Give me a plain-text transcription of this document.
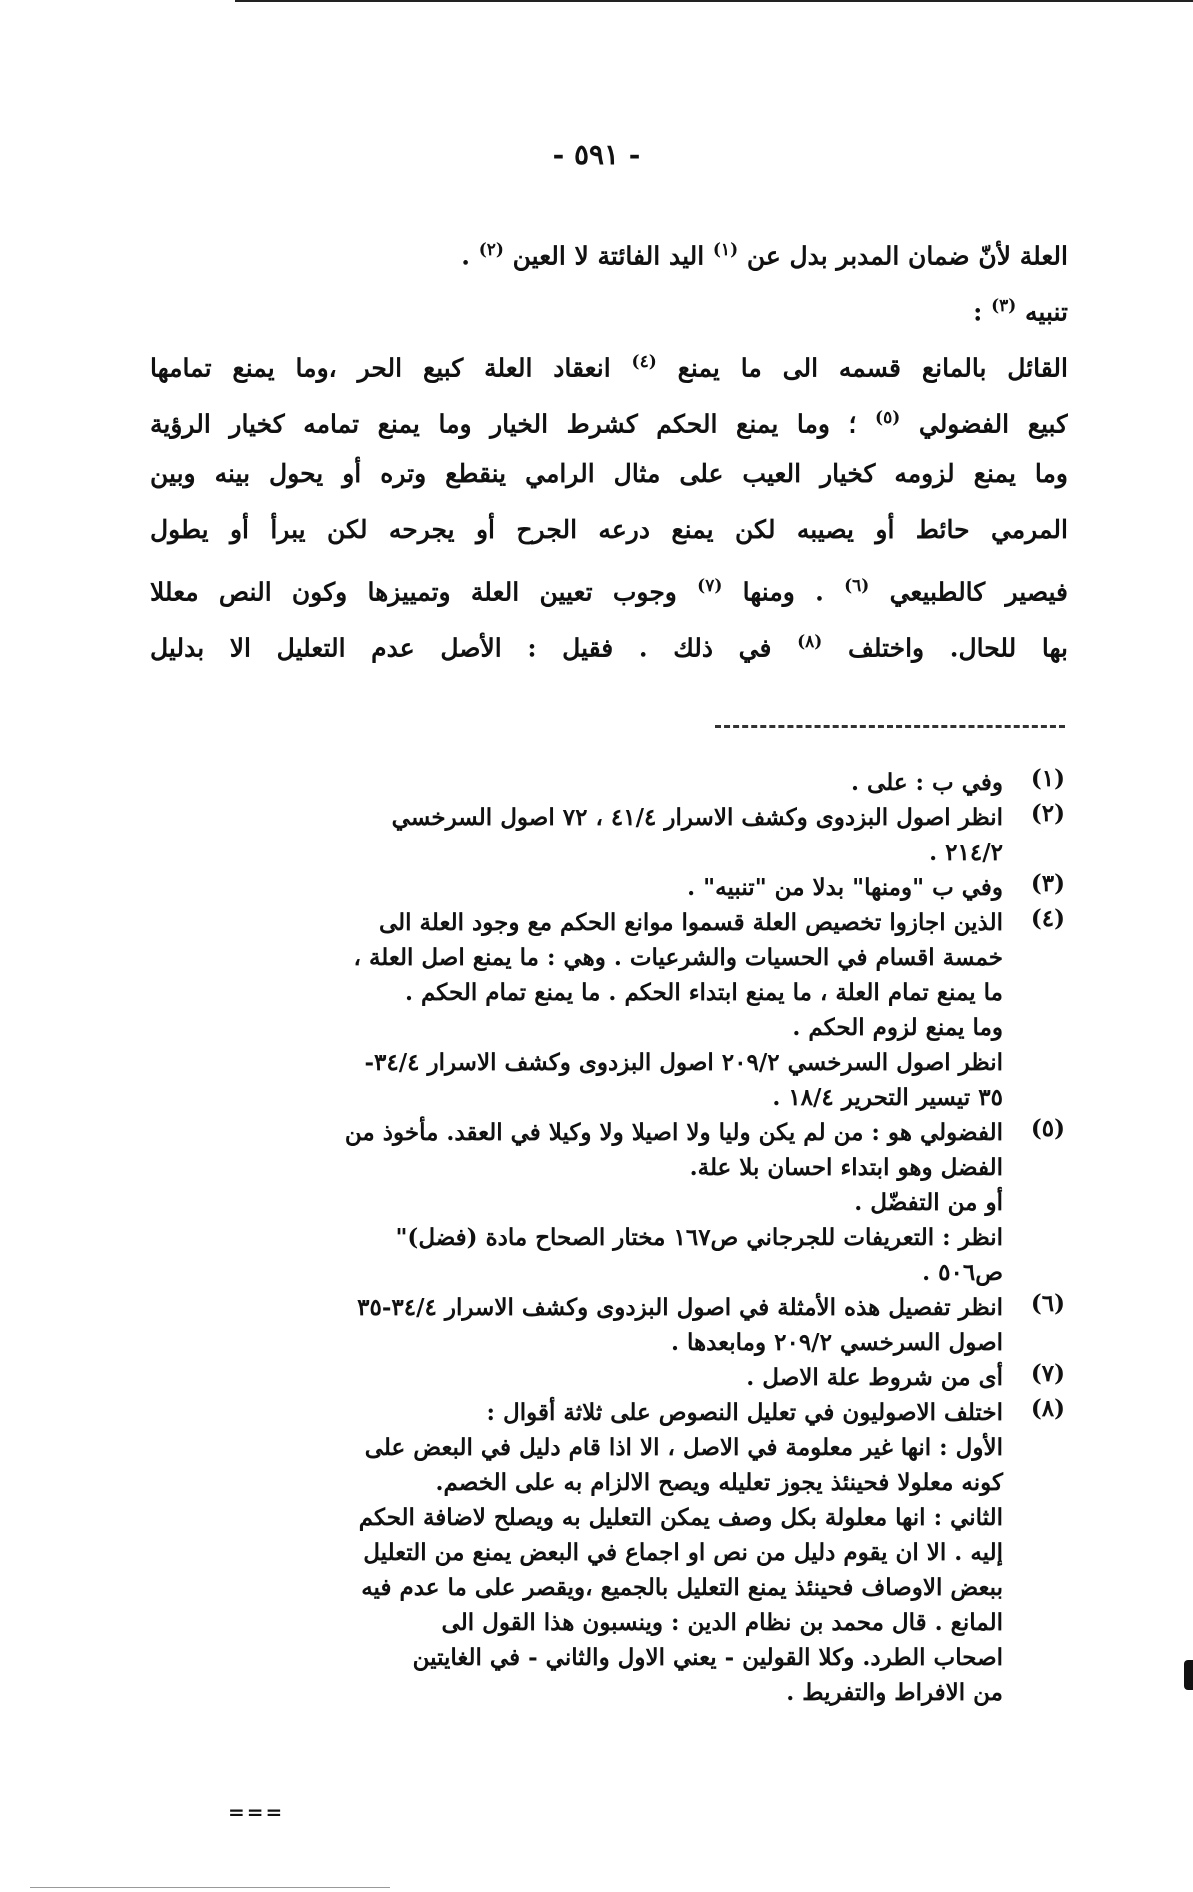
- ٥٩١ -
العلة لأنّ ضمان المدبر بدل عن $^{(١)}$ اليد الفائتة لا العين $^{(٢)}$ .
تنبيه $^{(٣)}$ :
القائل بالمانع قسمه الى ما يمنع $^{(٤)}$ انعقاد العلة كبيع الحر ،وما يمنع تمامها
كبيع الفضولي $^{(٥)}$ ؛ وما يمنع الحكم كشرط الخيار وما يمنع تمامه كخيار الرؤية
وما يمنع لزومه كخيار العيب على مثال الرامي ينقطع وتره أو يحول بينه وبين
المرمي حائط أو يصيبه لكن يمنع درعه الجرح أو يجرحه لكن يبرأ أو يطول
فيصير كالطبيعي $^{(٦)}$ . ومنها $^{(٧)}$ وجوب تعيين العلة وتمييزها وكون النص معللا
بها للحال. واختلف $^{(٨)}$ في ذلك . فقيل : الأصل عدم التعليل الا بدليل
(١)
وفي ب : على .
(٢)
انظر اصول البزدوى وكشف الاسرار ٤١/٤ ، ٧٢ اصول السرخسي
٢١٤/٢ .
(٣)
وفي ب "ومنها" بدلا من "تنبيه" .
(٤)
الذين اجازوا تخصيص العلة قسموا موانع الحكم مع وجود العلة الى
خمسة اقسام في الحسيات والشرعيات . وهي : ما يمنع اصل العلة ،
ما يمنع تمام العلة ، ما يمنع ابتداء الحكم . ما يمنع تمام الحكم .
وما يمنع لزوم الحكم .
انظر اصول السرخسي ٢٠٩/٢ اصول البزدوى وكشف الاسرار ٣٤/٤-
٣٥ تيسير التحرير ١٨/٤ .
(٥)
الفضولي هو : من لم يكن وليا ولا اصيلا ولا وكيلا في العقد. مأخوذ من
الفضل وهو ابتداء احسان بلا علة.
أو من التفضّل .
انظر : التعريفات للجرجاني ص١٦٧ مختار الصحاح مادة (فضل)"
ص٥٠٦ .
(٦)
انظر تفصيل هذه الأمثلة في اصول البزدوى وكشف الاسرار ٣٤/٤-٣٥
اصول السرخسي ٢٠٩/٢ ومابعدها .
(٧)
أى من شروط علة الاصل .
(٨)
اختلف الاصوليون في تعليل النصوص على ثلاثة أقوال :
الأول : انها غير معلومة في الاصل ، الا اذا قام دليل في البعض على
كونه معلولا فحينئذ يجوز تعليله ويصح الالزام به على الخصم.
الثاني : انها معلولة بكل وصف يمكن التعليل به ويصلح لاضافة الحكم
إليه . الا ان يقوم دليل من نص او اجماع في البعض يمنع من التعليل
ببعض الاوصاف فحينئذ يمنع التعليل بالجميع ،ويقصر على ما عدم فيه
المانع . قال محمد بن نظام الدين : وينسبون هذا القول الى
اصحاب الطرد. وكلا القولين - يعني الاول والثاني - في الغايتين
من الافراط والتفريط .
===
